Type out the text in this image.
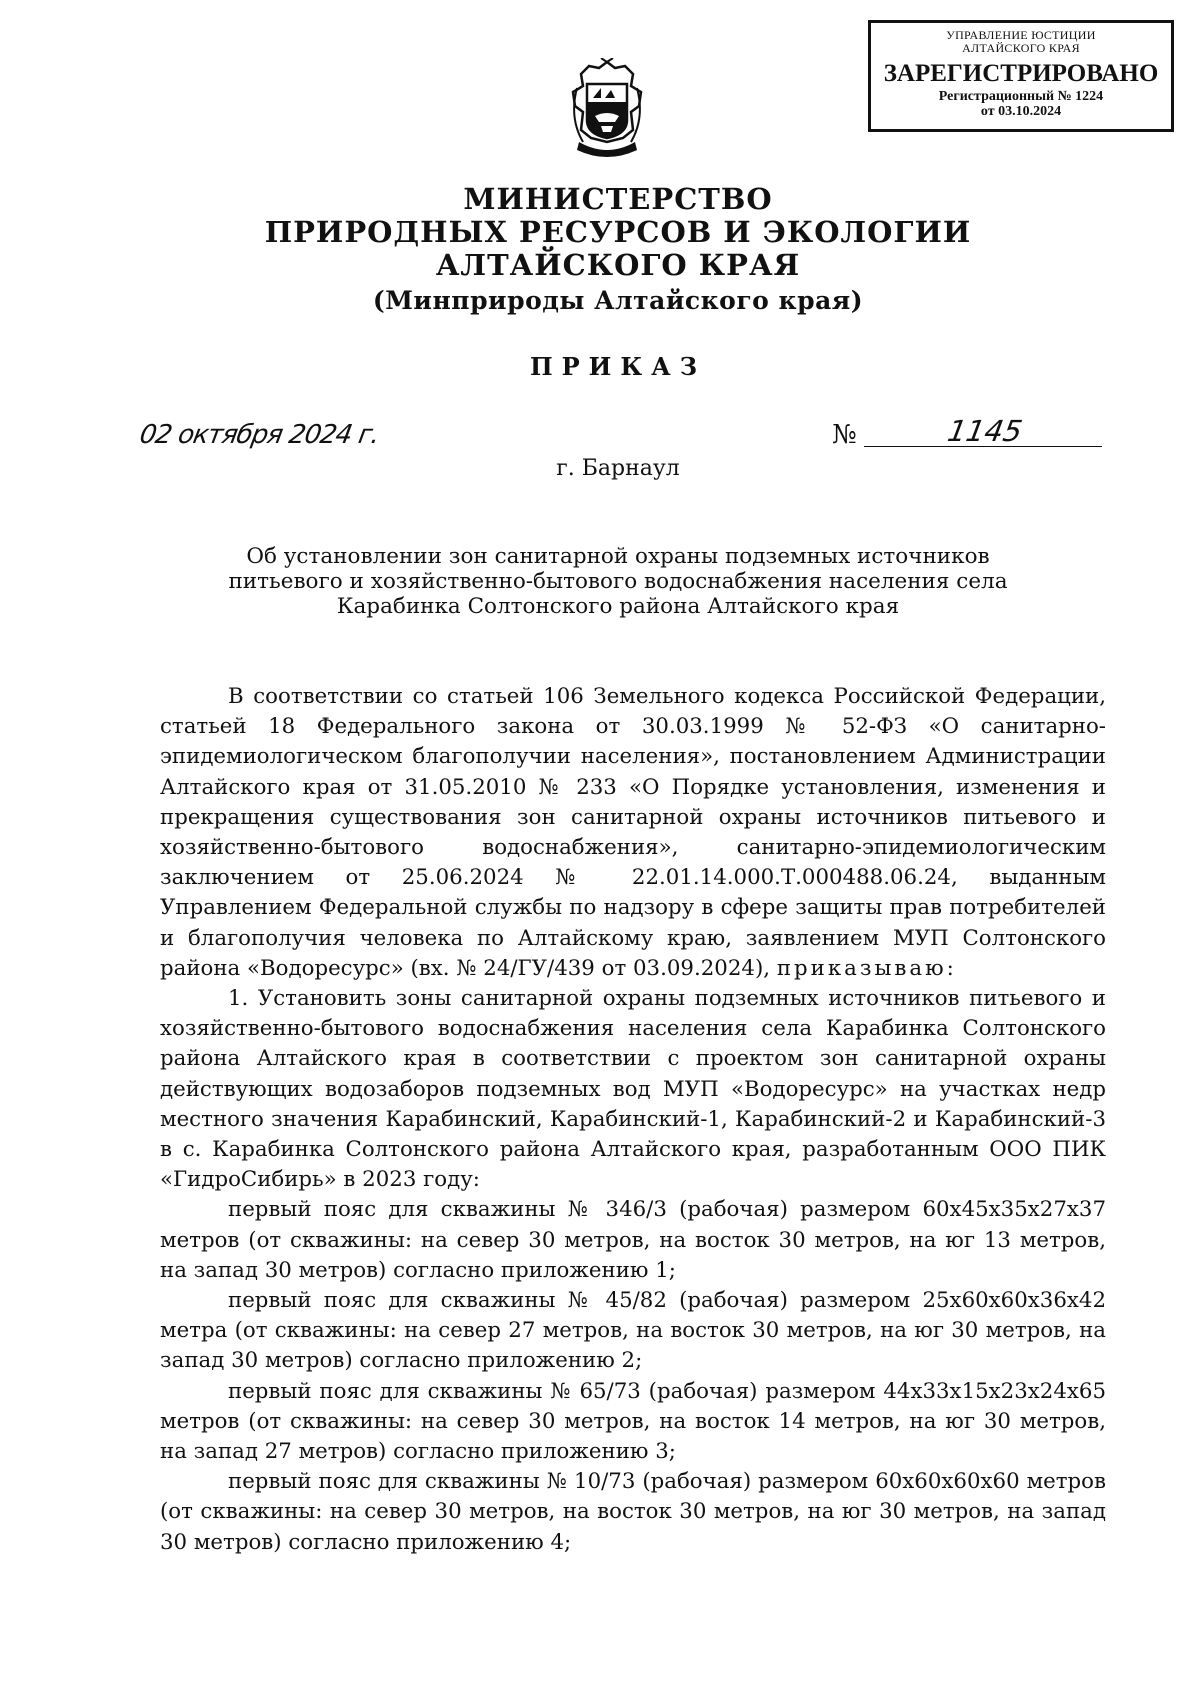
УПРАВЛЕНИЕ ЮСТИЦИИ
АЛТАЙСКОГО КРАЯ
ЗАРЕГИСТРИРОВАНО
Регистрационный № 1224
от 03.10.2024
МИНИСТЕРСТВО
ПРИРОДНЫХ РЕСУРСОВ И ЭКОЛОГИИ
АЛТАЙСКОГО КРАЯ
(Минприроды Алтайского края)
ПРИКАЗ
02 октября 2024 г.	№	1145
г. Барнаул
Об установлении зон санитарной охраны подземных источников питьевого и хозяйственно-бытового водоснабжения населения села Карабинка Солтонского района Алтайского края

В соответствии со статьей 106 Земельного кодекса Российской Федерации, статьей 18 Федерального закона от 30.03.1999 № 52-ФЗ «О санитарно-эпидемиологическом благополучии населения», постановлением Администрации Алтайского края от 31.05.2010 № 233 «О Порядке установления, изменения и прекращения существования зон санитарной охраны источников питьевого и хозяйственно-бытового водоснабжения», санитарно-эпидемиологическим заключением от 25.06.2024 № 22.01.14.000.Т.000488.06.24, выданным Управлением Федеральной службы по надзору в сфере защиты прав потребителей и благополучия человека по Алтайскому краю, заявлением МУП Солтонского района «Водоресурс» (вх. № 24/ГУ/439 от 03.09.2024), приказываю:

1. Установить зоны санитарной охраны подземных источников питьевого и хозяйственно-бытового водоснабжения населения села Карабинка Солтонского района Алтайского края в соответствии с проектом зон санитарной охраны действующих водозаборов подземных вод МУП «Водоресурс» на участках недр местного значения Карабинский, Карабинский-1, Карабинский-2 и Карабинский-3 в с. Карабинка Солтонского района Алтайского края, разработанным ООО ПИК «ГидроСибирь» в 2023 году:

первый пояс для скважины № 346/3 (рабочая) размером 60x45x35x27x37 метров (от скважины: на север 30 метров, на восток 30 метров, на юг 13 метров, на запад 30 метров) согласно приложению 1;

первый пояс для скважины № 45/82 (рабочая) размером 25x60x60x36x42 метра (от скважины: на север 27 метров, на восток 30 метров, на юг 30 метров, на запад 30 метров) согласно приложению 2;

первый пояс для скважины № 65/73 (рабочая) размером 44x33x15x23x24x65 метров (от скважины: на север 30 метров, на восток 14 метров, на юг 30 метров, на запад 27 метров) согласно приложению 3;

первый пояс для скважины № 10/73 (рабочая) размером 60x60x60x60 метров (от скважины: на север 30 метров, на восток 30 метров, на юг 30 метров, на запад 30 метров) согласно приложению 4;
